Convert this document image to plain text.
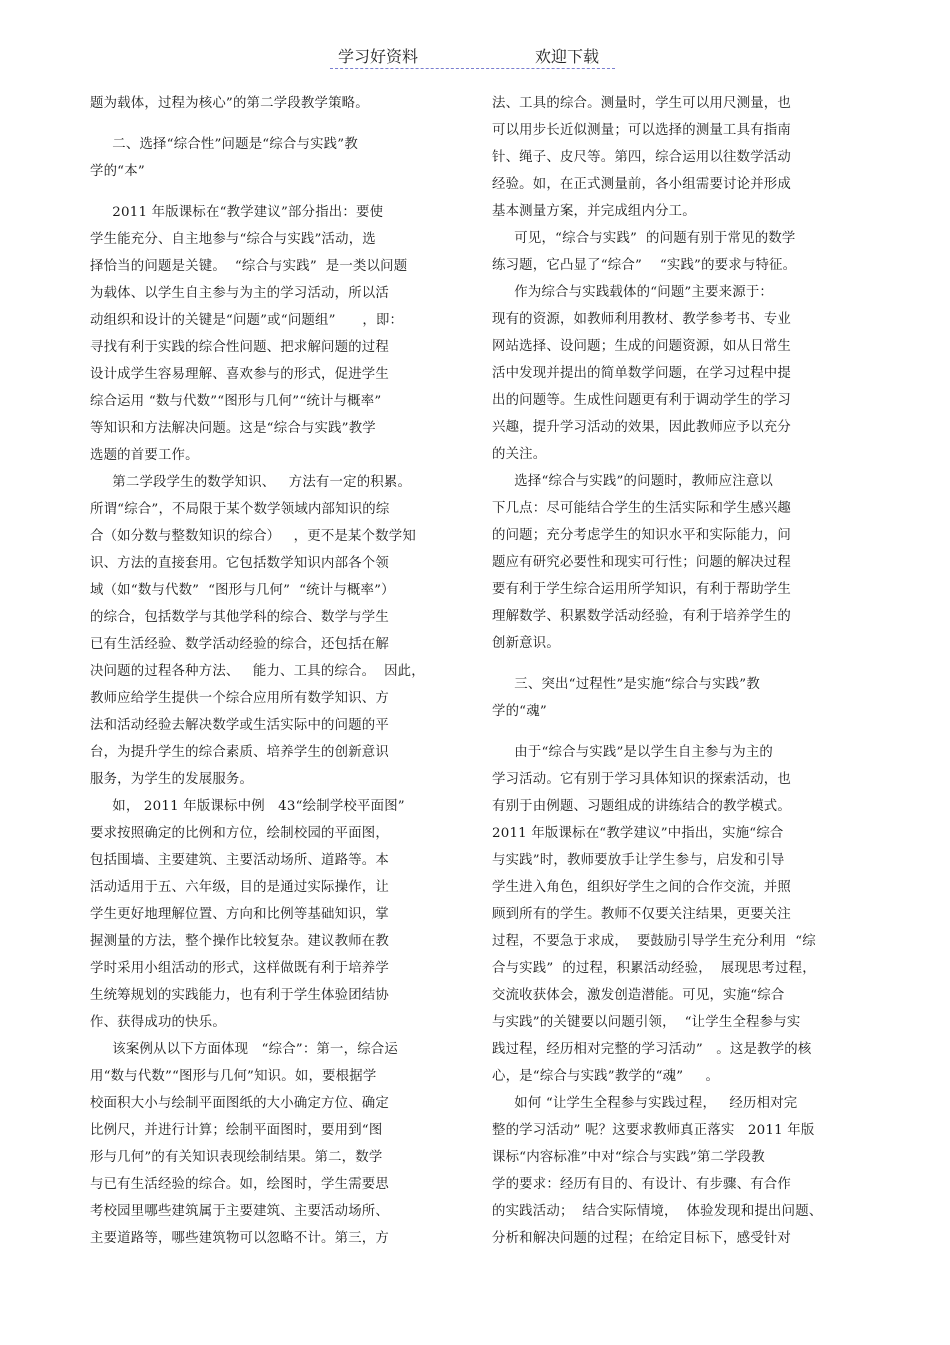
学习好资料	欢迎下载
题为载体，过程为核心”的第二学段教学策略。
二、选择“综合性”问题是“综合与实践”教
学的“本”
2011 年版课标在“教学建议”部分指出：要使
学生能充分、自主地参与“综合与实践”活动，选
择恰当的问题是关键。  “综合与实践”  是一类以问题
为载体、以学生自主参与为主的学习活动，所以活
动组织和设计的关键是“问题”或“问题组”      ，即：
寻找有利于实践的综合性问题、把求解问题的过程
设计成学生容易理解、喜欢参与的形式，促进学生
综合运用 “数与代数”“图形与几何”“统计与概率”
等知识和方法解决问题。这是“综合与实践”教学
选题的首要工作。
第二学段学生的数学知识、   方法有一定的积累。
所谓“综合”，不局限于某个数学领域内部知识的综
合（如分数与整数知识的综合）   ，更不是某个数学知
识、方法的直接套用。它包括数学知识内部各个领
域（如“数与代数”  “图形与几何”  “统计与概率”）
的综合，包括数学与其他学科的综合、数学与学生
已有生活经验、数学活动经验的综合，还包括在解
决问题的过程各种方法、   能力、工具的综合。  因此，
教师应给学生提供一个综合应用所有数学知识、方
法和活动经验去解决数学或生活实际中的问题的平
台，为提升学生的综合素质、培养学生的创新意识
服务，为学生的发展服务。
如， 2011 年版课标中例   43“绘制学校平面图”
要求按照确定的比例和方位，绘制校园的平面图，
包括围墙、主要建筑、主要活动场所、道路等。本
活动适用于五、六年级，目的是通过实际操作，让
学生更好地理解位置、方向和比例等基础知识，掌
握测量的方法，整个操作比较复杂。建议教师在教
学时采用小组活动的形式，这样做既有利于培养学
生统筹规划的实践能力，也有利于学生体验团结协
作、获得成功的快乐。
该案例从以下方面体现   “综合”：第一，综合运
用“数与代数”“图形与几何”知识。如，要根据学
校面积大小与绘制平面图纸的大小确定方位、确定
比例尺，并进行计算；绘制平面图时，要用到“图
形与几何”的有关知识表现绘制结果。第二，数学
与已有生活经验的综合。如，绘图时，学生需要思
考校园里哪些建筑属于主要建筑、主要活动场所、
主要道路等，哪些建筑物可以忽略不计。第三，方
法、工具的综合。测量时，学生可以用尺测量，也
可以用步长近似测量；可以选择的测量工具有指南
针、绳子、皮尺等。第四，综合运用以往数学活动
经验。如，在正式测量前，各小组需要讨论并形成
基本测量方案，并完成组内分工。
可见，“综合与实践”  的问题有别于常见的数学
练习题，它凸显了“综合”    “实践”的要求与特征。
作为综合与实践载体的“问题”主要来源于：
现有的资源，如教师利用教材、教学参考书、专业
网站选择、设问题；生成的问题资源，如从日常生
活中发现并提出的简单数学问题，在学习过程中提
出的问题等。生成性问题更有利于调动学生的学习
兴趣，提升学习活动的效果，因此教师应予以充分
的关注。
选择“综合与实践”的问题时，教师应注意以
下几点：尽可能结合学生的生活实际和学生感兴趣
的问题；充分考虑学生的知识水平和实际能力，问
题应有研究必要性和现实可行性；问题的解决过程
要有利于学生综合运用所学知识，有利于帮助学生
理解数学、积累数学活动经验，有利于培养学生的
创新意识。
三、突出“过程性”是实施“综合与实践”教
学的“魂”
由于“综合与实践”是以学生自主参与为主的
学习活动。它有别于学习具体知识的探索活动，也
有别于由例题、习题组成的讲练结合的教学模式。
2011 年版课标在“教学建议”中指出，实施“综合
与实践”时，教师要放手让学生参与，启发和引导
学生进入角色，组织好学生之间的合作交流，并照
顾到所有的学生。教师不仅要关注结果，更要关注
过程，不要急于求成，  要鼓励引导学生充分利用  “综
合与实践”  的过程，积累活动经验，  展现思考过程，
交流收获体会，激发创造潜能。可见，实施“综合
与实践”的关键要以问题引领，  “让学生全程参与实
践过程，经历相对完整的学习活动”   。这是教学的核
心，是“综合与实践”教学的“魂”     。
如何 “让学生全程参与实践过程，   经历相对完
整的学习活动” 呢？这要求教师真正落实   2011 年版
课标“内容标准”中对“综合与实践”第二学段教
学的要求：经历有目的、有设计、有步骤、有合作
的实践活动；  结合实际情境，  体验发现和提出问题、
分析和解决问题的过程；在给定目标下，感受针对
